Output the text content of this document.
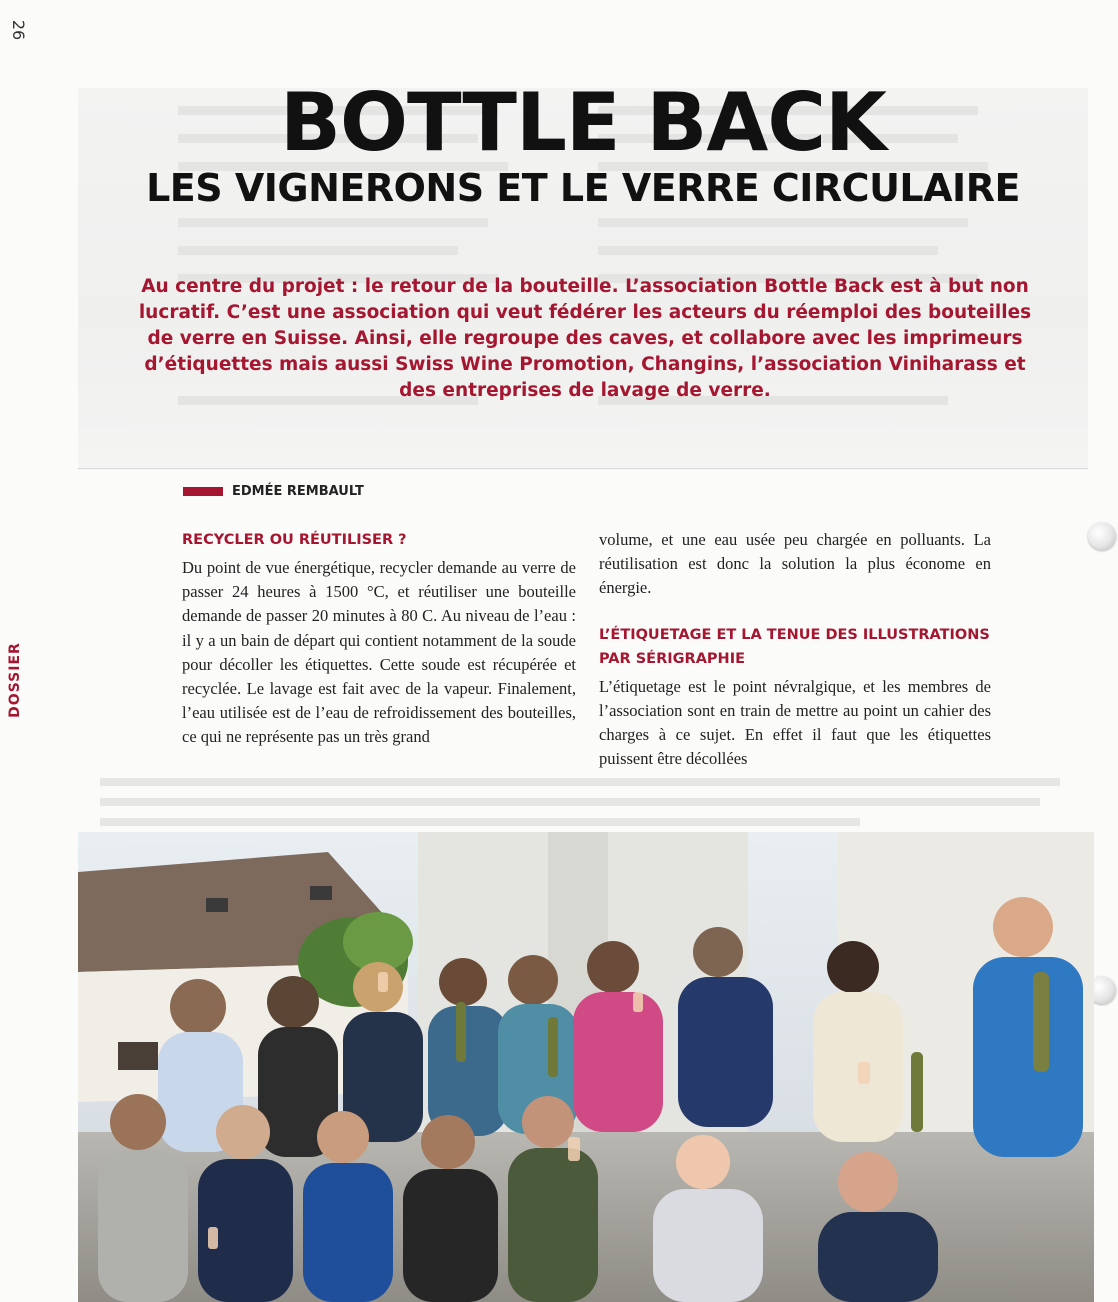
26
DOSSIER
BOTTLE BACK
LES VIGNERONS ET LE VERRE CIRCULAIRE

Au centre du projet : le retour de la bouteille. L’association Bottle Back est à but non lucratif. C’est une association qui veut fédérer les acteurs du réemploi des bouteilles de verre en Suisse. Ainsi, elle regroupe des caves, et collabore avec les imprimeurs d’étiquettes mais aussi Swiss Wine Promotion, Changins, l’association Viniharass et des entreprises de lavage de verre.

EDMÉE REMBAULT
RECYCLER OU RÉUTILISER ?

Du point de vue énergétique, recycler demande au verre de passer 24 heures à 1500 °C, et réutiliser une bouteille demande de passer 20 minutes à 80 C. Au niveau de l’eau : il y a un bain de départ qui contient notamment de la soude pour décoller les étiquettes. Cette soude est récupérée et recyclée. Le lavage est fait avec de la vapeur. Finalement, l’eau utilisée est de l’eau de refroidissement des bouteilles, ce qui ne représente pas un très grand

volume, et une eau usée peu chargée en polluants. La réutilisation est donc la solution la plus économe en énergie.

L’ÉTIQUETAGE ET LA TENUE DES ILLUSTRATIONS PAR SÉRIGRAPHIE

L’étiquetage est le point névralgique, et les membres de l’association sont en train de mettre au point un cahier des charges à ce sujet. En effet il faut que les étiquettes puissent être décollées
